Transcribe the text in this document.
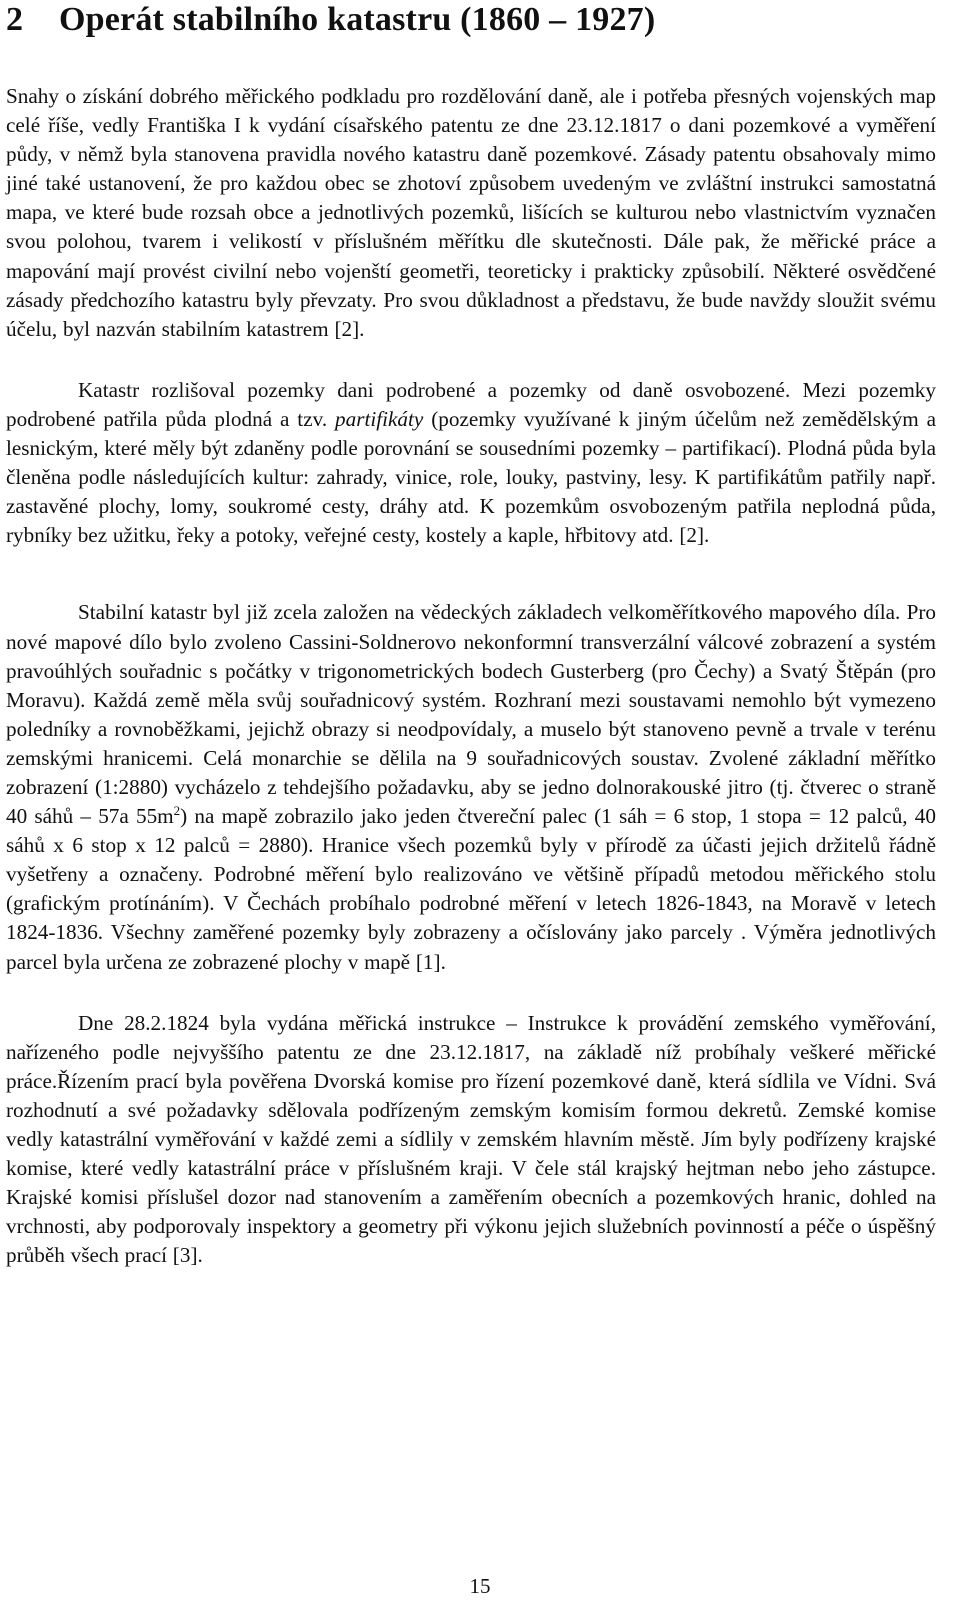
2 Operát stabilního katastru (1860 – 1927)

Snahy o získání dobrého měřického podkladu pro rozdělování daně, ale i potřeba přesných vojenských map celé říše, vedly Františka I k vydání císařského patentu ze dne 23.12.1817 o dani pozemkové a vyměření půdy, v němž byla stanovena pravidla nového katastru daně pozemkové. Zásady patentu obsahovaly mimo jiné také ustanovení, že pro každou obec se zhotoví způsobem uvedeným ve zvláštní instrukci samostatná mapa, ve které bude rozsah obce a jednotlivých pozemků, lišících se kulturou nebo vlastnictvím vyznačen svou polohou, tvarem i velikostí v příslušném měřítku dle skutečnosti. Dále pak, že měřické práce a mapování mají provést civilní nebo vojenští geometři, teoreticky i prakticky způsobilí. Některé osvědčené zásady předchozího katastru byly převzaty. Pro svou důkladnost a představu, že bude navždy sloužit svému účelu, byl nazván stabilním katastrem [2].

Katastr rozlišoval pozemky dani podrobené a pozemky od daně osvobozené. Mezi pozemky podrobené patřila půda plodná a tzv. partifikáty (pozemky využívané k jiným účelům než zemědělským a lesnickým, které měly být zdaněny podle porovnání se sousedními pozemky – partifikací). Plodná půda byla členěna podle následujících kultur: zahrady, vinice, role, louky, pastviny, lesy. K partifikátům patřily např. zastavěné plochy, lomy, soukromé cesty, dráhy atd. K pozemkům osvobozeným patřila neplodná půda, rybníky bez užitku, řeky a potoky, veřejné cesty, kostely a kaple, hřbitovy atd. [2].

Stabilní katastr byl již zcela založen na vědeckých základech velkoměřítkového mapového díla. Pro nové mapové dílo bylo zvoleno Cassini-Soldnerovo nekonformní transverzální válcové zobrazení a systém pravoúhlých souřadnic s počátky v trigonometrických bodech Gusterberg (pro Čechy) a Svatý Štěpán (pro Moravu). Každá země měla svůj souřadnicový systém. Rozhraní mezi soustavami nemohlo být vymezeno poledníky a rovnoběžkami, jejichž obrazy si neodpovídaly, a muselo být stanoveno pevně a trvale v terénu zemskými hranicemi. Celá monarchie se dělila na 9 souřadnicových soustav. Zvolené základní měřítko zobrazení (1:2880) vycházelo z tehdejšího požadavku, aby se jedno dolnorakouské jitro (tj. čtverec o straně 40 sáhů – 57a $55m^2$) na mapě zobrazilo jako jeden čtvereční palec (1 sáh = 6 stop, 1 stopa = 12 palců, 40 sáhů x 6 stop x 12 palců = 2880). Hranice všech pozemků byly v přírodě za účasti jejich držitelů řádně vyšetřeny a označeny. Podrobné měření bylo realizováno ve většině případů metodou měřického stolu (grafickým protínáním). V Čechách probíhalo podrobné měření v letech 1826-1843, na Moravě v letech 1824-1836. Všechny zaměřené pozemky byly zobrazeny a očíslovány jako parcely . Výměra jednotlivých parcel byla určena ze zobrazené plochy v mapě [1].

Dne 28.2.1824 byla vydána měřická instrukce – Instrukce k provádění zemského vyměřování, nařízeného podle nejvyššího patentu ze dne 23.12.1817, na základě níž probíhaly veškeré měřické práce.Řízením prací byla pověřena Dvorská komise pro řízení pozemkové daně, která sídlila ve Vídni. Svá rozhodnutí a své požadavky sdělovala podřízeným zemským komisím formou dekretů. Zemské komise vedly katastrální vyměřování v každé zemi a sídlily v zemském hlavním městě. Jím byly podřízeny krajské komise, které vedly katastrální práce v příslušném kraji. V čele stál krajský hejtman nebo jeho zástupce. Krajské komisi příslušel dozor nad stanovením a zaměřením obecních a pozemkových hranic, dohled na vrchnosti, aby podporovaly inspektory a geometry při výkonu jejich služebních povinností a péče o úspěšný průběh všech prací [3].

15
